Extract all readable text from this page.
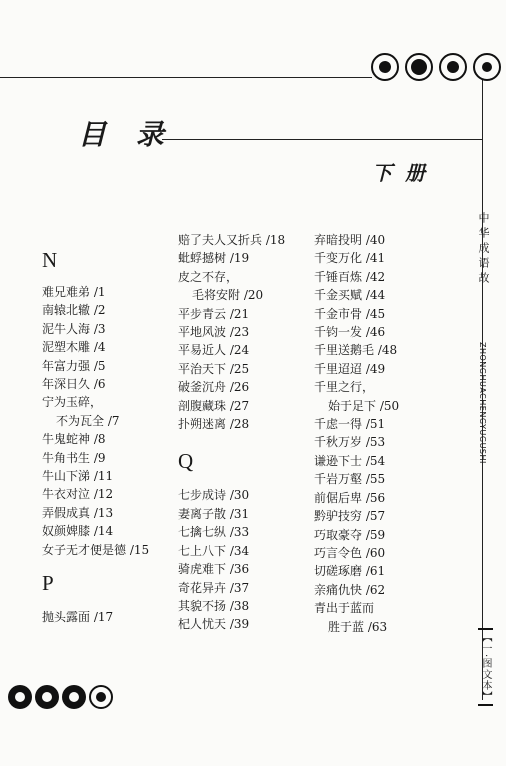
目 录
下 册
中华成语故
ZHONGHUACHENGYUGUSHI
【一·图文本】
N
难兄难弟 /1
南辕北辙 /2
泥牛人海 /3
泥塑木雕 /4
年富力强 /5
年深日久 /6
宁为玉碎，
不为瓦全 /7
牛鬼蛇神 /8
牛角书生 /9
牛山下涕 /11
牛衣对泣 /12
弄假成真 /13
奴颜婢膝 /14
女子无才便是德 /15
P
抛头露面 /17
赔了夫人又折兵 /18
蚍蜉撼树 /19
皮之不存，
毛将安附 /20
平步青云 /21
平地风波 /23
平易近人 /24
平治天下 /25
破釜沉舟 /26
剖腹藏珠 /27
扑朔迷离 /28
Q
七步成诗 /30
妻离子散 /31
七擒七纵 /33
七上八下 /34
骑虎难下 /36
奇花异卉 /37
其貌不扬 /38
杞人忧天 /39
弃暗投明 /40
千变万化 /41
千锤百炼 /42
千金买赋 /44
千金市骨 /45
千钧一发 /46
千里送鹅毛 /48
千里迢迢 /49
千里之行，
始于足下 /50
千虑一得 /51
千秋万岁 /53
谦逊下士 /54
千岩万壑 /55
前倨后卑 /56
黔驴技穷 /57
巧取豪夺 /59
巧言令色 /60
切磋琢磨 /61
亲痛仇快 /62
青出于蓝而
胜于蓝 /63
